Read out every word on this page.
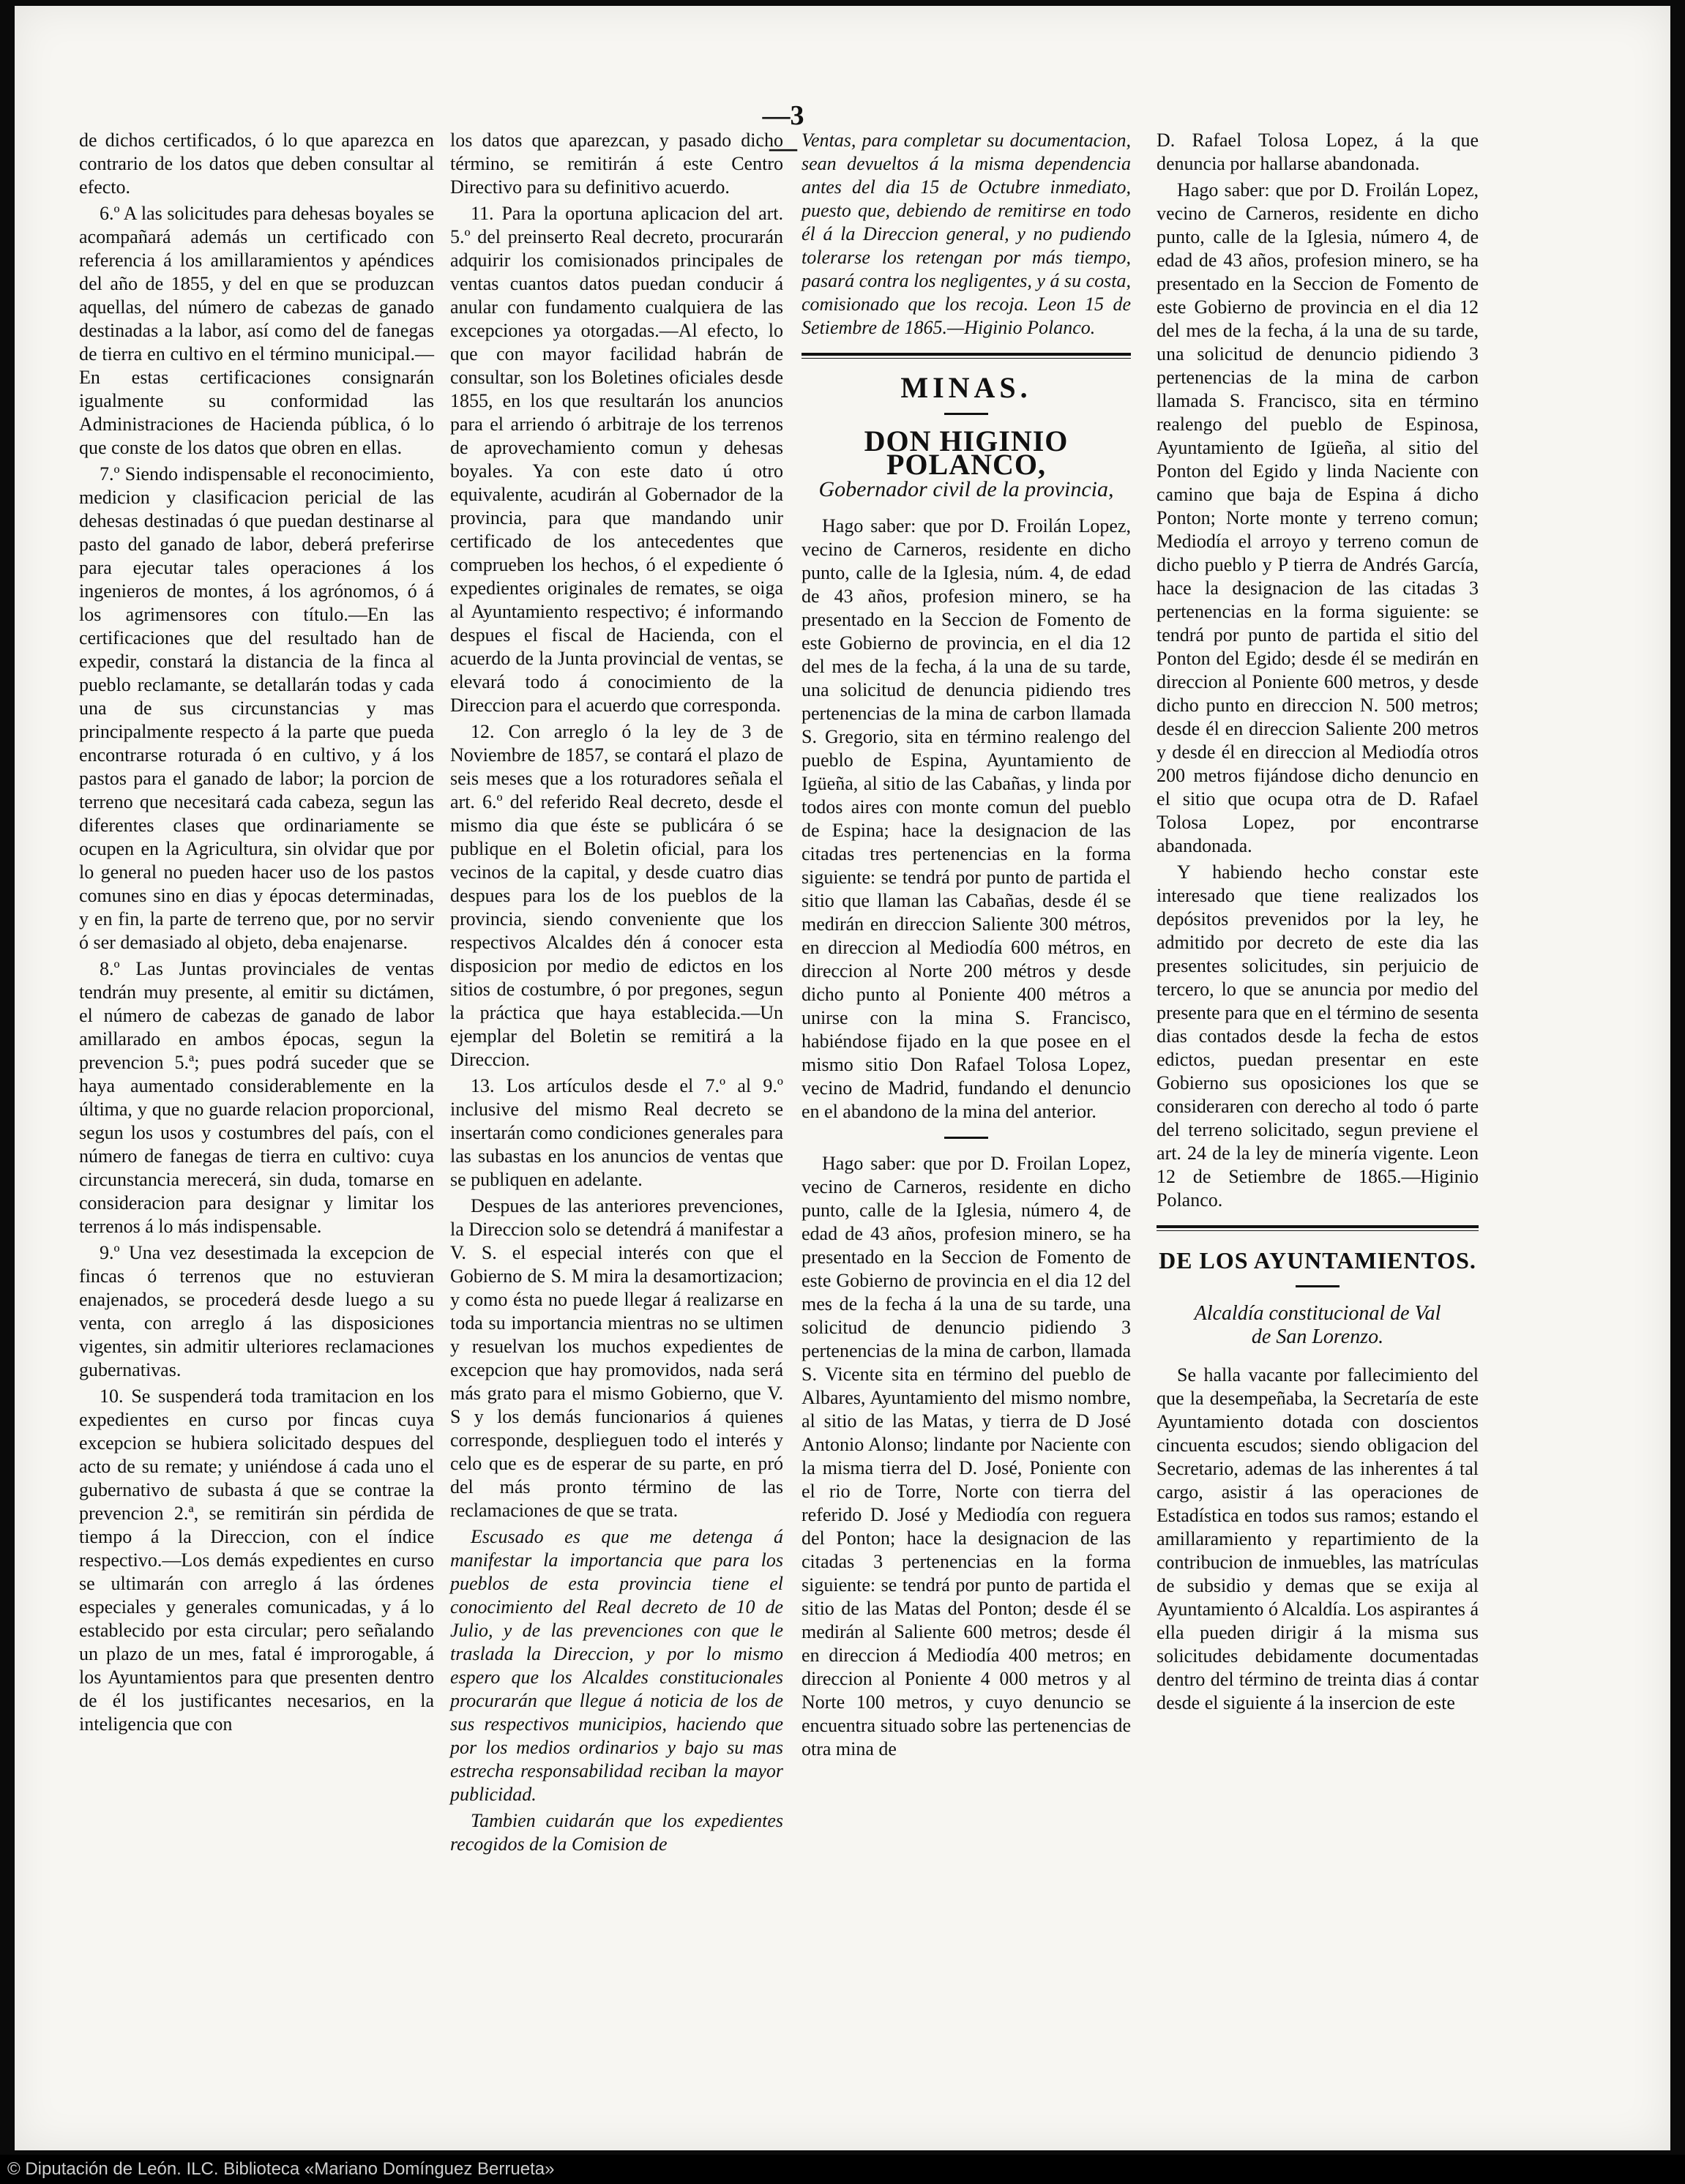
—3—

de dichos certificados, ó lo que aparezca en contrario de los datos que deben consultar al efecto.

6.º A las solicitudes para dehesas boyales se acompañará además un certificado con referencia á los amillaramientos y apéndices del año de 1855, y del en que se produzcan aquellas, del número de cabezas de ganado destinadas a la labor, así como del de fanegas de tierra en cultivo en el término municipal.—En estas certificaciones consignarán igualmente su conformidad las Administraciones de Hacienda pública, ó lo que conste de los datos que obren en ellas.

7.º Siendo indispensable el reconocimiento, medicion y clasificacion pericial de las dehesas destinadas ó que puedan destinarse al pasto del ganado de labor, deberá preferirse para ejecutar tales operaciones á los ingenieros de montes, á los agrónomos, ó á los agrimensores con título.—En las certificaciones que del resultado han de expedir, constará la distancia de la finca al pueblo reclamante, se detallarán todas y cada una de sus circunstancias y mas principalmente respecto á la parte que pueda encontrarse roturada ó en cultivo, y á los pastos para el ganado de labor; la porcion de terreno que necesitará cada cabeza, segun las diferentes clases que ordinariamente se ocupen en la Agricultura, sin olvidar que por lo general no pueden hacer uso de los pastos comunes sino en dias y épocas determinadas, y en fin, la parte de terreno que, por no servir ó ser demasiado al objeto, deba enajenarse.

8.º Las Juntas provinciales de ventas tendrán muy presente, al emitir su dictámen, el número de cabezas de ganado de labor amillarado en ambos épocas, segun la prevencion 5.ª; pues podrá suceder que se haya aumentado considerablemente en la última, y que no guarde relacion proporcional, segun los usos y costumbres del país, con el número de fanegas de tierra en cultivo: cuya circunstancia merecerá, sin duda, tomarse en consideracion para designar y limitar los terrenos á lo más indispensable.

9.º Una vez desestimada la excepcion de fincas ó terrenos que no estuvieran enajenados, se procederá desde luego a su venta, con arreglo á las disposiciones vigentes, sin admitir ulteriores reclamaciones gubernativas.

10. Se suspenderá toda tramitacion en los expedientes en curso por fincas cuya excepcion se hubiera solicitado despues del acto de su remate; y uniéndose á cada uno el gubernativo de subasta á que se contrae la prevencion 2.ª, se remitirán sin pérdida de tiempo á la Direccion, con el índice respectivo.—Los demás expedientes en curso se ultimarán con arreglo á las órdenes especiales y generales comunicadas, y á lo establecido por esta circular; pero señalando un plazo de un mes, fatal é improrogable, á los Ayuntamientos para que presenten dentro de él los justificantes necesarios, en la inteligencia que con

los datos que aparezcan, y pasado dicho término, se remitirán á este Centro Directivo para su definitivo acuerdo.

11. Para la oportuna aplicacion del art. 5.º del preinserto Real decreto, procurarán adquirir los comisionados principales de ventas cuantos datos puedan conducir á anular con fundamento cualquiera de las excepciones ya otorgadas.—Al efecto, lo que con mayor facilidad habrán de consultar, son los Boletines oficiales desde 1855, en los que resultarán los anuncios para el arriendo ó arbitraje de los terrenos de aprovechamiento comun y dehesas boyales. Ya con este dato ú otro equivalente, acudirán al Gobernador de la provincia, para que mandando unir certificado de los antecedentes que comprueben los hechos, ó el expediente ó expedientes originales de remates, se oiga al Ayuntamiento respectivo; é informando despues el fiscal de Hacienda, con el acuerdo de la Junta provincial de ventas, se elevará todo á conocimiento de la Direccion para el acuerdo que corresponda.

12. Con arreglo ó la ley de 3 de Noviembre de 1857, se contará el plazo de seis meses que a los roturadores señala el art. 6.º del referido Real decreto, desde el mismo dia que éste se publicára ó se publique en el Boletin oficial, para los vecinos de la capital, y desde cuatro dias despues para los de los pueblos de la provincia, siendo conveniente que los respectivos Alcaldes dén á conocer esta disposicion por medio de edictos en los sitios de costumbre, ó por pregones, segun la práctica que haya establecida.—Un ejemplar del Boletin se remitirá a la Direccion.

13. Los artículos desde el 7.º al 9.º inclusive del mismo Real decreto se insertarán como condiciones generales para las subastas en los anuncios de ventas que se publiquen en adelante.

Despues de las anteriores prevenciones, la Direccion solo se detendrá á manifestar a V. S. el especial interés con que el Gobierno de S. M mira la desamortizacion; y como ésta no puede llegar á realizarse en toda su importancia mientras no se ultimen y resuelvan los muchos expedientes de excepcion que hay promovidos, nada será más grato para el mismo Gobierno, que V. S y los demás funcionarios á quienes corresponde, desplieguen todo el interés y celo que es de esperar de su parte, en pró del más pronto término de las reclamaciones de que se trata.

Escusado es que me detenga á manifestar la importancia que para los pueblos de esta provincia tiene el conocimiento del Real decreto de 10 de Julio, y de las prevenciones con que le traslada la Direccion, y por lo mismo espero que los Alcaldes constitucionales procurarán que llegue á noticia de los de sus respectivos municipios, haciendo que por los medios ordinarios y bajo su mas estrecha responsabilidad reciban la mayor publicidad.

Tambien cuidarán que los expedientes recogidos de la Comision de

Ventas, para completar su documentacion, sean devueltos á la misma dependencia antes del dia 15 de Octubre inmediato, puesto que, debiendo de remitirse en todo él á la Direccion general, y no pudiendo tolerarse los retengan por más tiempo, pasará contra los negligentes, y á su costa, comisionado que los recoja. Leon 15 de Setiembre de 1865.—Higinio Polanco.

MINAS.
DON HIGINIO POLANCO,
Gobernador civil de la provincia,

Hago saber: que por D. Froilán Lopez, vecino de Carneros, residente en dicho punto, calle de la Iglesia, núm. 4, de edad de 43 años, profesion minero, se ha presentado en la Seccion de Fomento de este Gobierno de provincia, en el dia 12 del mes de la fecha, á la una de su tarde, una solicitud de denuncia pidiendo tres pertenencias de la mina de carbon llamada S. Gregorio, sita en término realengo del pueblo de Espina, Ayuntamiento de Igüeña, al sitio de las Cabañas, y linda por todos aires con monte comun del pueblo de Espina; hace la designacion de las citadas tres pertenencias en la forma siguiente: se tendrá por punto de partida el sitio que llaman las Cabañas, desde él se medirán en direccion Saliente 300 métros, en direccion al Mediodía 600 métros, en direccion al Norte 200 métros y desde dicho punto al Poniente 400 métros a unirse con la mina S. Francisco, habiéndose fijado en la que posee en el mismo sitio Don Rafael Tolosa Lopez, vecino de Madrid, fundando el denuncio en el abandono de la mina del anterior.

Hago saber: que por D. Froilan Lopez, vecino de Carneros, residente en dicho punto, calle de la Iglesia, número 4, de edad de 43 años, profesion minero, se ha presentado en la Seccion de Fomento de este Gobierno de provincia en el dia 12 del mes de la fecha á la una de su tarde, una solicitud de denuncio pidiendo 3 pertenencias de la mina de carbon, llamada S. Vicente sita en término del pueblo de Albares, Ayuntamiento del mismo nombre, al sitio de las Matas, y tierra de D José Antonio Alonso; lindante por Naciente con la misma tierra del D. José, Poniente con el rio de Torre, Norte con tierra del referido D. José y Mediodía con reguera del Ponton; hace la designacion de las citadas 3 pertenencias en la forma siguiente: se tendrá por punto de partida el sitio de las Matas del Ponton; desde él se medirán al Saliente 600 metros; desde él en direccion á Mediodía 400 metros; en direccion al Poniente 4 000 metros y al Norte 100 metros, y cuyo denuncio se encuentra situado sobre las pertenencias de otra mina de

D. Rafael Tolosa Lopez, á la que denuncia por hallarse abandonada.

Hago saber: que por D. Froilán Lopez, vecino de Carneros, residente en dicho punto, calle de la Iglesia, número 4, de edad de 43 años, profesion minero, se ha presentado en la Seccion de Fomento de este Gobierno de provincia en el dia 12 del mes de la fecha, á la una de su tarde, una solicitud de denuncio pidiendo 3 pertenencias de la mina de carbon llamada S. Francisco, sita en término realengo del pueblo de Espinosa, Ayuntamiento de Igüeña, al sitio del Ponton del Egido y linda Naciente con camino que baja de Espina á dicho Ponton; Norte monte y terreno comun; Mediodía el arroyo y terreno comun de dicho pueblo y P tierra de Andrés García, hace la designacion de las citadas 3 pertenencias en la forma siguiente: se tendrá por punto de partida el sitio del Ponton del Egido; desde él se medirán en direccion al Poniente 600 metros, y desde dicho punto en direccion N. 500 metros; desde él en direccion Saliente 200 metros y desde él en direccion al Mediodía otros 200 metros fijándose dicho denuncio en el sitio que ocupa otra de D. Rafael Tolosa Lopez, por encontrarse abandonada.

Y habiendo hecho constar este interesado que tiene realizados los depósitos prevenidos por la ley, he admitido por decreto de este dia las presentes solicitudes, sin perjuicio de tercero, lo que se anuncia por medio del presente para que en el término de sesenta dias contados desde la fecha de estos edictos, puedan presentar en este Gobierno sus oposiciones los que se consideraren con derecho al todo ó parte del terreno solicitado, segun previene el art. 24 de la ley de minería vigente. Leon 12 de Setiembre de 1865.—Higinio Polanco.

DE LOS AYUNTAMIENTOS.
Alcaldía constitucional de Val de San Lorenzo.

Se halla vacante por fallecimiento del que la desempeñaba, la Secretaría de este Ayuntamiento dotada con doscientos cincuenta escudos; siendo obligacion del Secretario, ademas de las inherentes á tal cargo, asistir á las operaciones de Estadística en todos sus ramos; estando el amillaramiento y repartimiento de la contribucion de inmuebles, las matrículas de subsidio y demas que se exija al Ayuntamiento ó Alcaldía. Los aspirantes á ella pueden dirigir á la misma sus solicitudes debidamente documentadas dentro del término de treinta dias á contar desde el siguiente á la insercion de este

© Diputación de León. ILC. Biblioteca «Mariano Domínguez Berrueta»
